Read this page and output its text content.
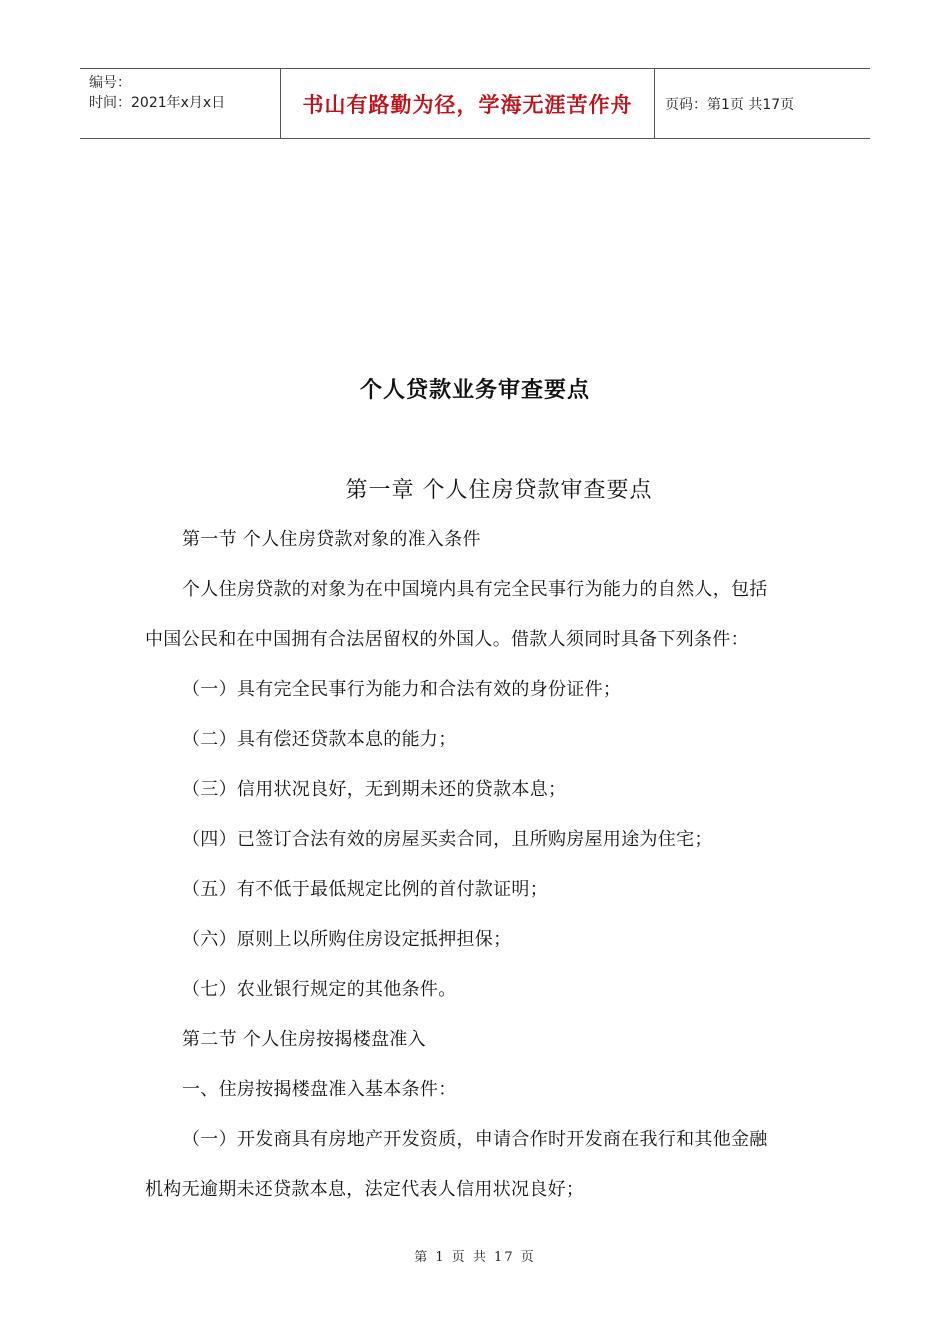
编号：
时间：2021年x月x日	书山有路勤为径，学海无涯苦作舟 页码：第1页 共17页
个人贷款业务审查要点
第一章 个人住房贷款审查要点
第一节 个人住房贷款对象的准入条件
个人住房贷款的对象为在中国境内具有完全民事行为能力的自然人，包括
中国公民和在中国拥有合法居留权的外国人。借款人须同时具备下列条件：
（一）具有完全民事行为能力和合法有效的身份证件；
（二）具有偿还贷款本息的能力；
（三）信用状况良好，无到期未还的贷款本息；
（四）已签订合法有效的房屋买卖合同，且所购房屋用途为住宅；
（五）有不低于最低规定比例的首付款证明；
（六）原则上以所购住房设定抵押担保；
（七）农业银行规定的其他条件。
第二节 个人住房按揭楼盘准入
一、住房按揭楼盘准入基本条件：
（一）开发商具有房地产开发资质，申请合作时开发商在我行和其他金融
机构无逾期未还贷款本息，法定代表人信用状况良好；
第 1 页 共 17 页
